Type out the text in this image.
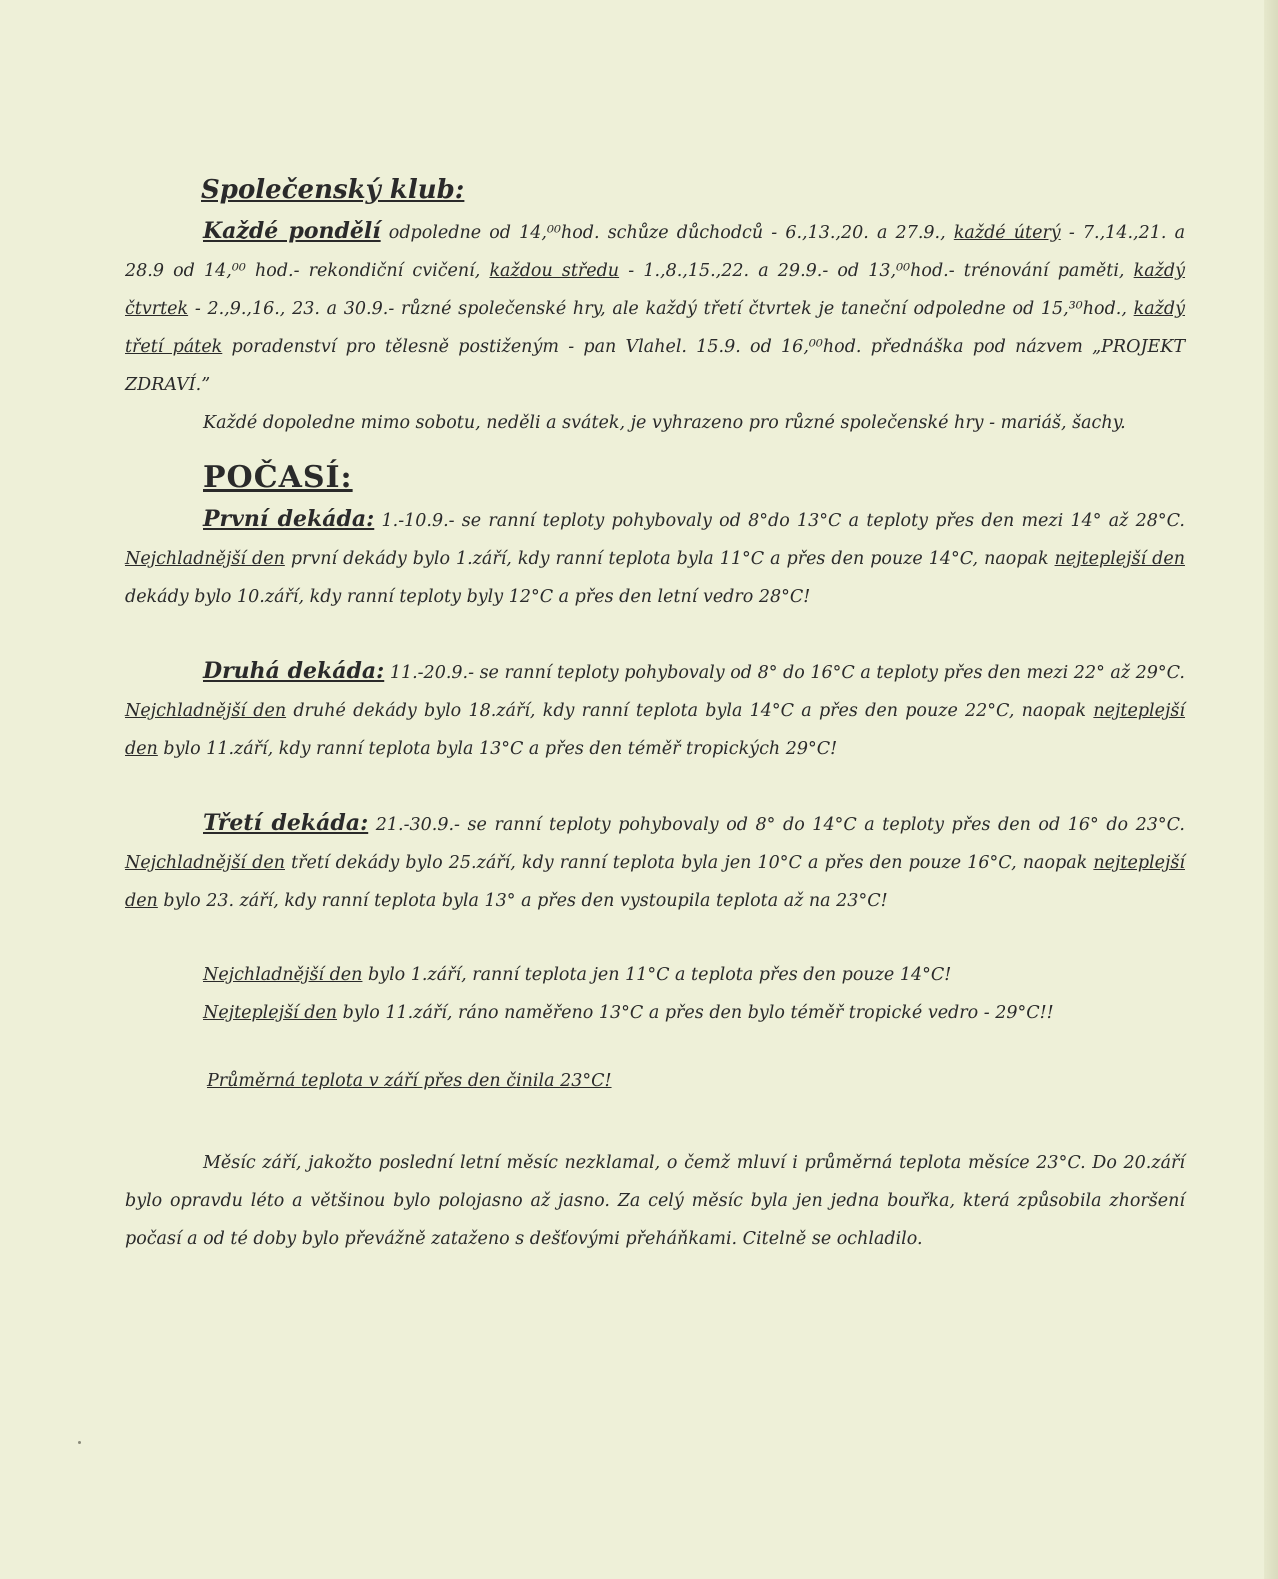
Společenský klub:

Každé pondělí odpoledne od 14,⁰⁰hod. schůze důchodců - 6.,13.,20. a 27.9., každé úterý - 7.,14.,21. a 28.9 od 14,⁰⁰ hod.- rekondiční cvičení, každou středu - 1.,8.,15.,22. a 29.9.- od 13,⁰⁰hod.- trénování paměti, každý čtvrtek - 2.,9.,16., 23. a 30.9.- různé společenské hry, ale každý třetí čtvrtek je taneční odpoledne od 15,³⁰hod., každý třetí pátek poradenství pro tělesně postiženým - pan Vlahel. 15.9. od 16,⁰⁰hod. přednáška pod názvem „PROJEKT ZDRAVÍ.”

Každé dopoledne mimo sobotu, neděli a svátek, je vyhrazeno pro různé společenské hry - mariáš, šachy.

POČASÍ:

První dekáda: 1.-10.9.- se ranní teploty pohybovaly od 8°do 13°C a teploty přes den mezi 14° až 28°C. Nejchladnější den první dekády bylo 1.září, kdy ranní teplota byla 11°C a přes den pouze 14°C, naopak nejteplejší den dekády bylo 10.září, kdy ranní teploty byly 12°C a přes den letní vedro 28°C!

Druhá dekáda: 11.-20.9.- se ranní teploty pohybovaly od 8° do 16°C a teploty přes den mezi 22° až 29°C. Nejchladnější den druhé dekády bylo 18.září, kdy ranní teplota byla 14°C a přes den pouze 22°C, naopak nejteplejší den bylo 11.září, kdy ranní teplota byla 13°C a přes den téměř tropických 29°C!

Třetí dekáda: 21.-30.9.- se ranní teploty pohybovaly od 8° do 14°C a teploty přes den od 16° do 23°C. Nejchladnější den třetí dekády bylo 25.září, kdy ranní teplota byla jen 10°C a přes den pouze 16°C, naopak nejteplejší den bylo 23. září, kdy ranní teplota byla 13° a přes den vystoupila teplota až na 23°C!

Nejchladnější den bylo 1.září, ranní teplota jen 11°C a teplota přes den pouze 14°C!

Nejteplejší den bylo 11.září, ráno naměřeno 13°C a přes den bylo téměř tropické vedro - 29°C!!

Průměrná teplota v září přes den činila 23°C!

Měsíc září, jakožto poslední letní měsíc nezklamal, o čemž mluví i průměrná teplota měsíce 23°C. Do 20.září bylo opravdu léto a většinou bylo polojasno až jasno. Za celý měsíc byla jen jedna bouřka, která způsobila zhoršení počasí a od té doby bylo převážně zataženo s dešťovými přeháňkami. Citelně se ochladilo.
